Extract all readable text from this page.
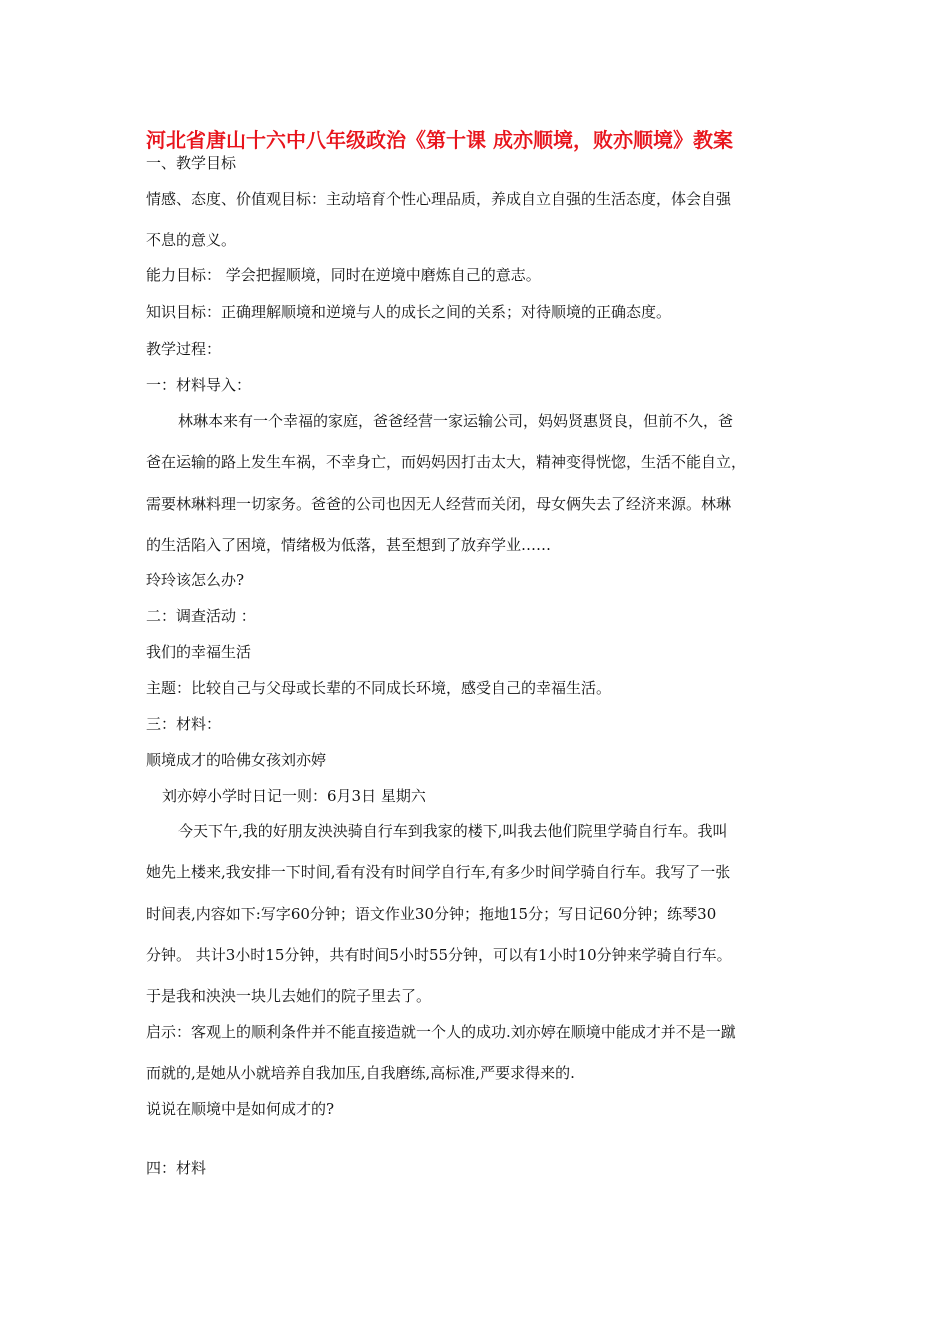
河北省唐山十六中八年级政治《第十课 成亦顺境，败亦顺境》教案
一、教学目标
情感、态度、价值观目标：主动培育个性心理品质，养成自立自强的生活态度，体会自强
不息的意义。
能力目标： 学会把握顺境，同时在逆境中磨炼自己的意志。
知识目标：正确理解顺境和逆境与人的成长之间的关系；对待顺境的正确态度。
教学过程：
一：材料导入：
林琳本来有一个幸福的家庭，爸爸经营一家运输公司，妈妈贤惠贤良，但前不久，爸
爸在运输的路上发生车祸，不幸身亡，而妈妈因打击太大，精神变得恍惚，生活不能自立，
需要林琳料理一切家务。爸爸的公司也因无人经营而关闭，母女俩失去了经济来源。林琳
的生活陷入了困境，情绪极为低落，甚至想到了放弃学业……
玲玲该怎么办?
二：调查活动 ：
我们的幸福生活
主题：比较自己与父母或长辈的不同成长环境，感受自己的幸福生活。
三：材料：
顺境成才的哈佛女孩刘亦婷
刘亦婷小学时日记一则：6月3日 星期六
今天下午,我的好朋友泱泱骑自行车到我家的楼下,叫我去他们院里学骑自行车。我叫
她先上楼来,我安排一下时间,看有没有时间学自行车,有多少时间学骑自行车。我写了一张
时间表,内容如下:写字60分钟；语文作业30分钟；拖地15分；写日记60分钟；练琴30
分钟。 共计3小时15分钟，共有时间5小时55分钟，可以有1小时10分钟来学骑自行车。
于是我和泱泱一块儿去她们的院子里去了。
启示：客观上的顺利条件并不能直接造就一个人的成功.刘亦婷在顺境中能成才并不是一蹴
而就的,是她从小就培养自我加压,自我磨练,高标准,严要求得来的.
说说在顺境中是如何成才的?
四：材料
